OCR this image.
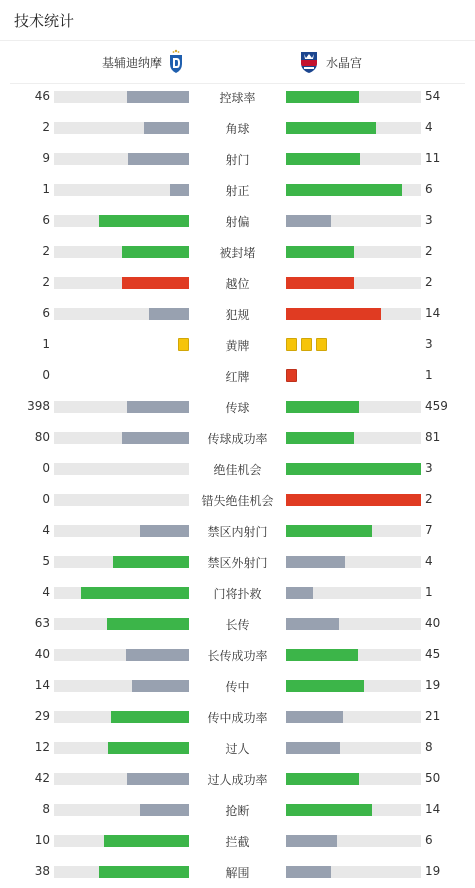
技术统计
基辅迪纳摩	水晶宫
46	控球率	54
2	角球	4
9	射门	11
1	射正	6
6	射偏	3
2	被封堵	2
2	越位	2
6	犯规	14
1	黄牌	3
0	红牌	1
398	传球	459
80	传球成功率	81
0	绝佳机会	3
0	错失绝佳机会	2
4	禁区内射门	7
5	禁区外射门	4
4	门将扑救	1
63	长传	40
40	长传成功率	45
14	传中	19
29	传中成功率	21
12	过人	8
42	过人成功率	50
8	抢断	14
10	拦截	6
38	解围	19
